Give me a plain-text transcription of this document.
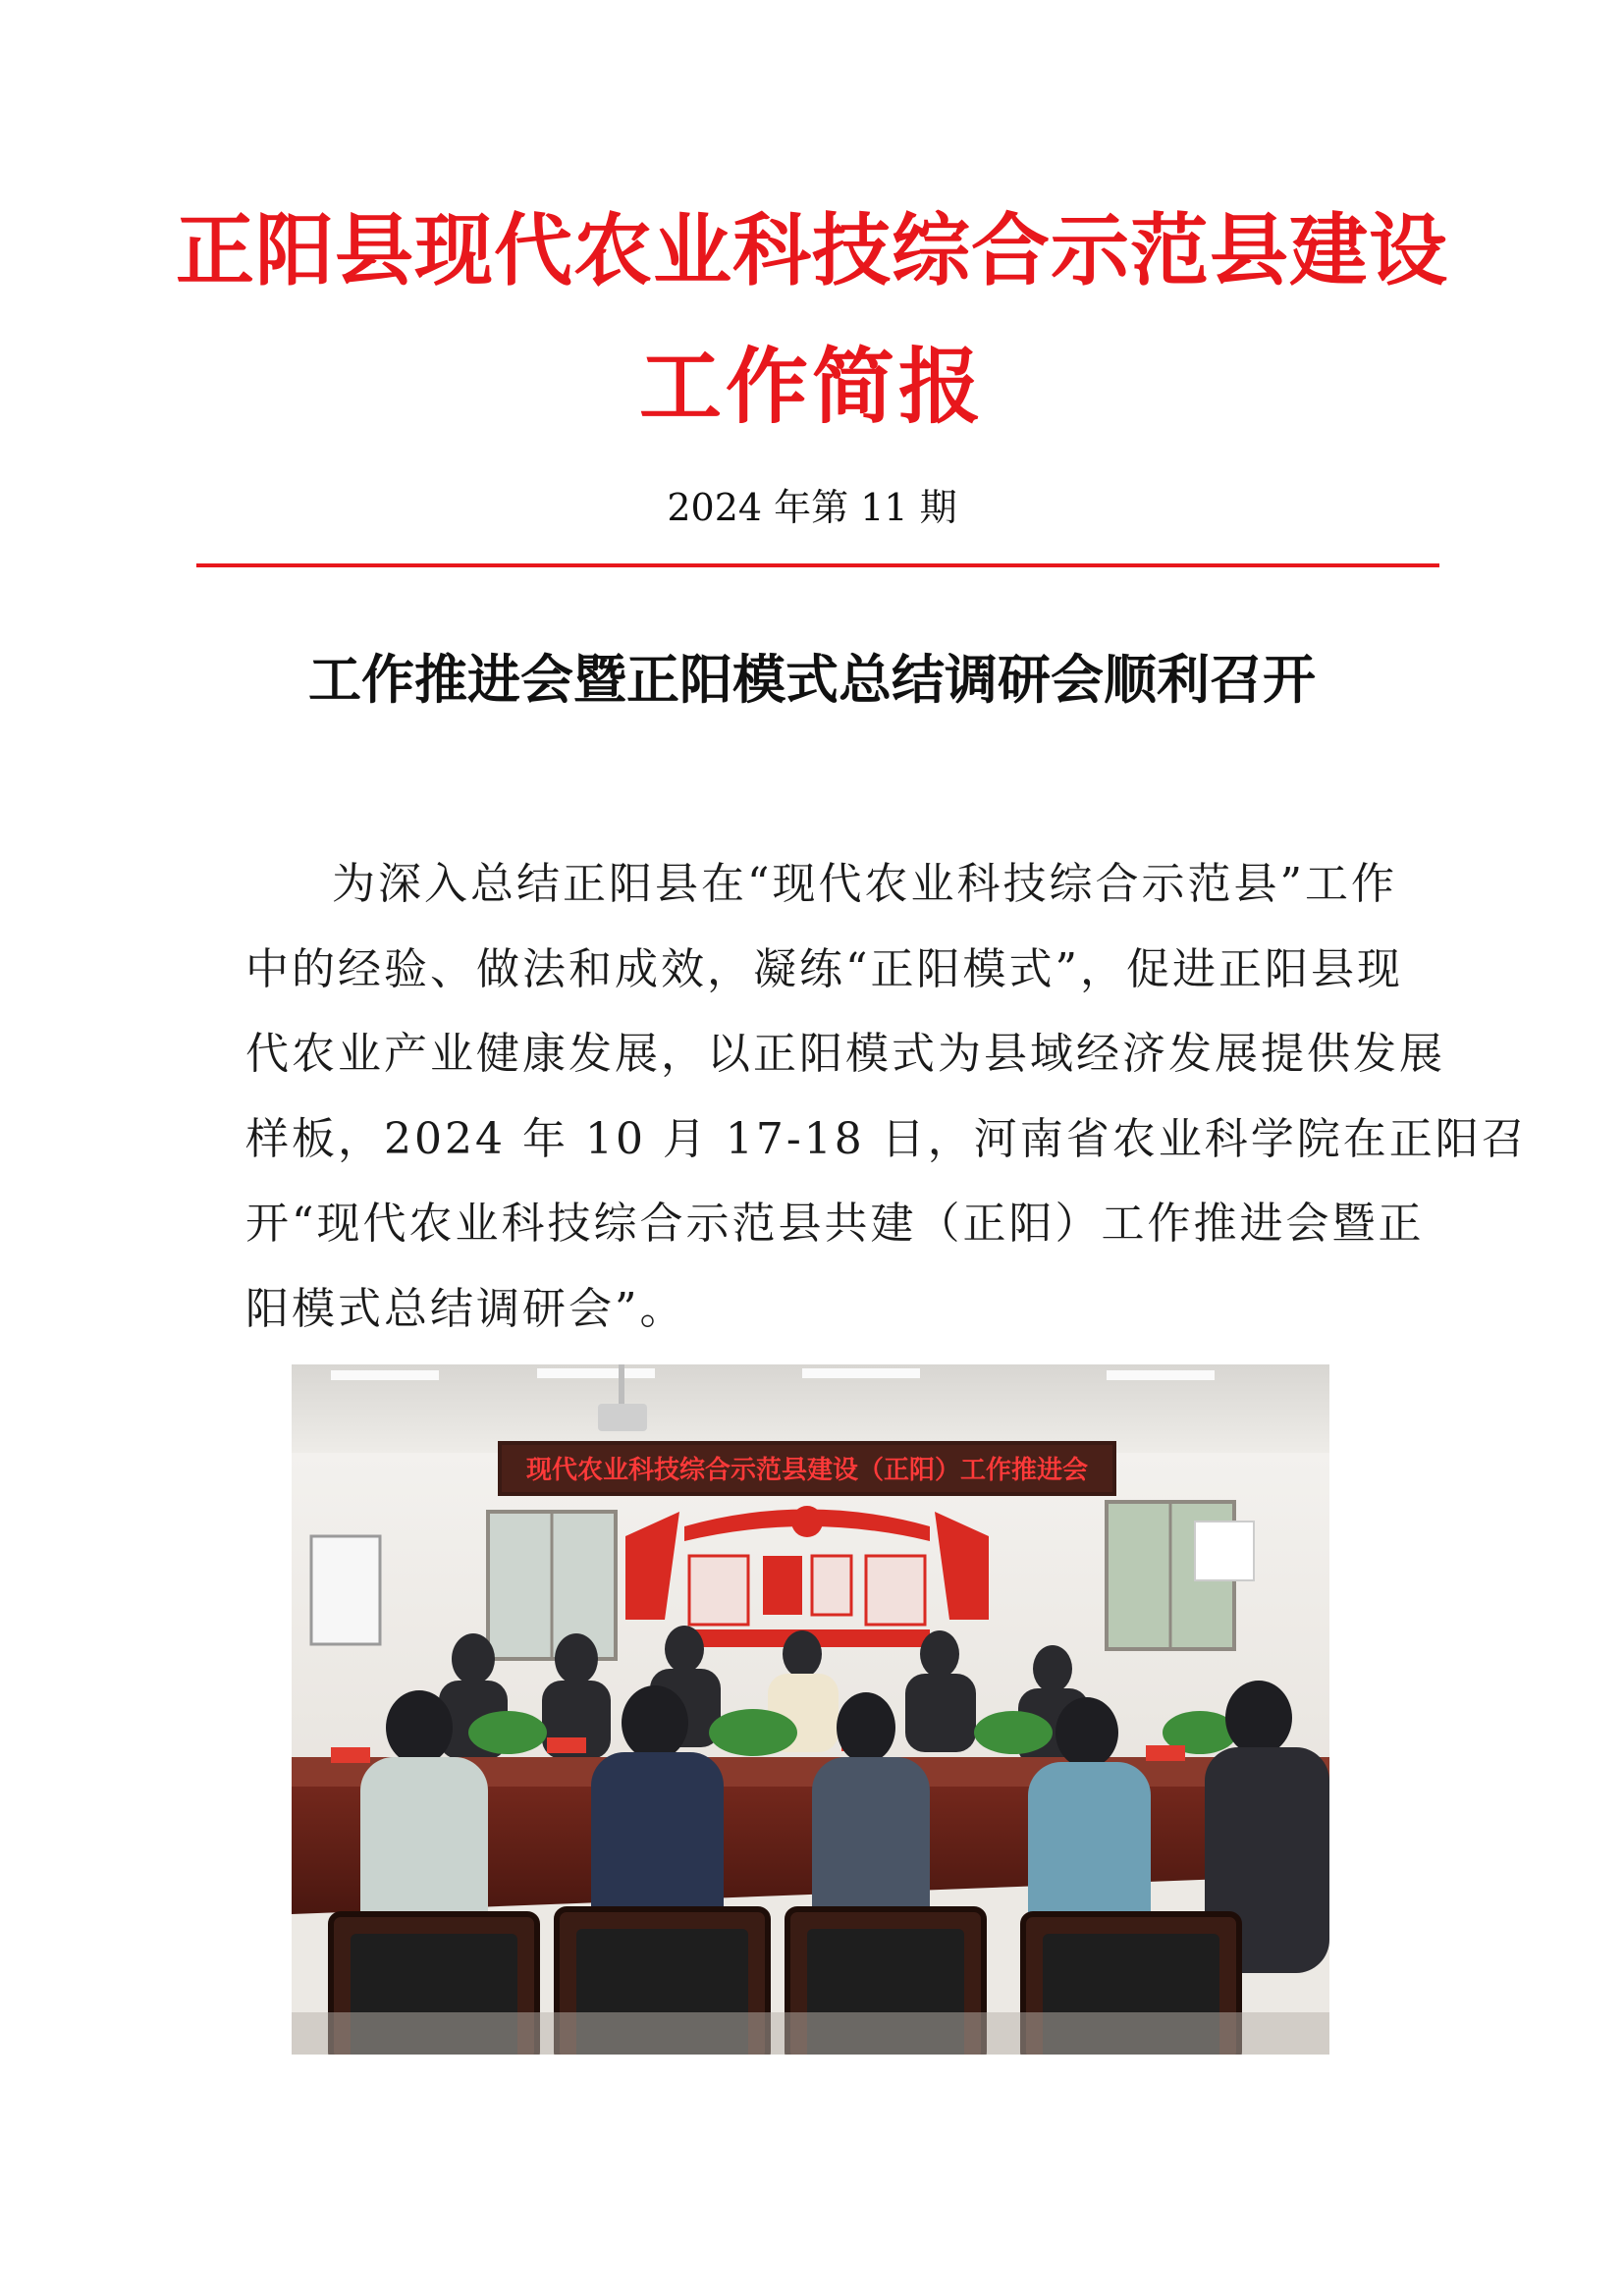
正阳县现代农业科技综合示范县建设
工作简报
2024 年第 11 期
工作推进会暨正阳模式总结调研会顺利召开
为深入总结正阳县在“现代农业科技综合示范县”工作
中的经验、做法和成效，凝练“正阳模式”，促进正阳县现
代农业产业健康发展，以正阳模式为县域经济发展提供发展
样板，2024 年 10 月 17-18 日，河南省农业科学院在正阳召
开“现代农业科技综合示范县共建（正阳）工作推进会暨正
阳模式总结调研会”。
现代农业科技综合示范县建设（正阳）工作推进会
